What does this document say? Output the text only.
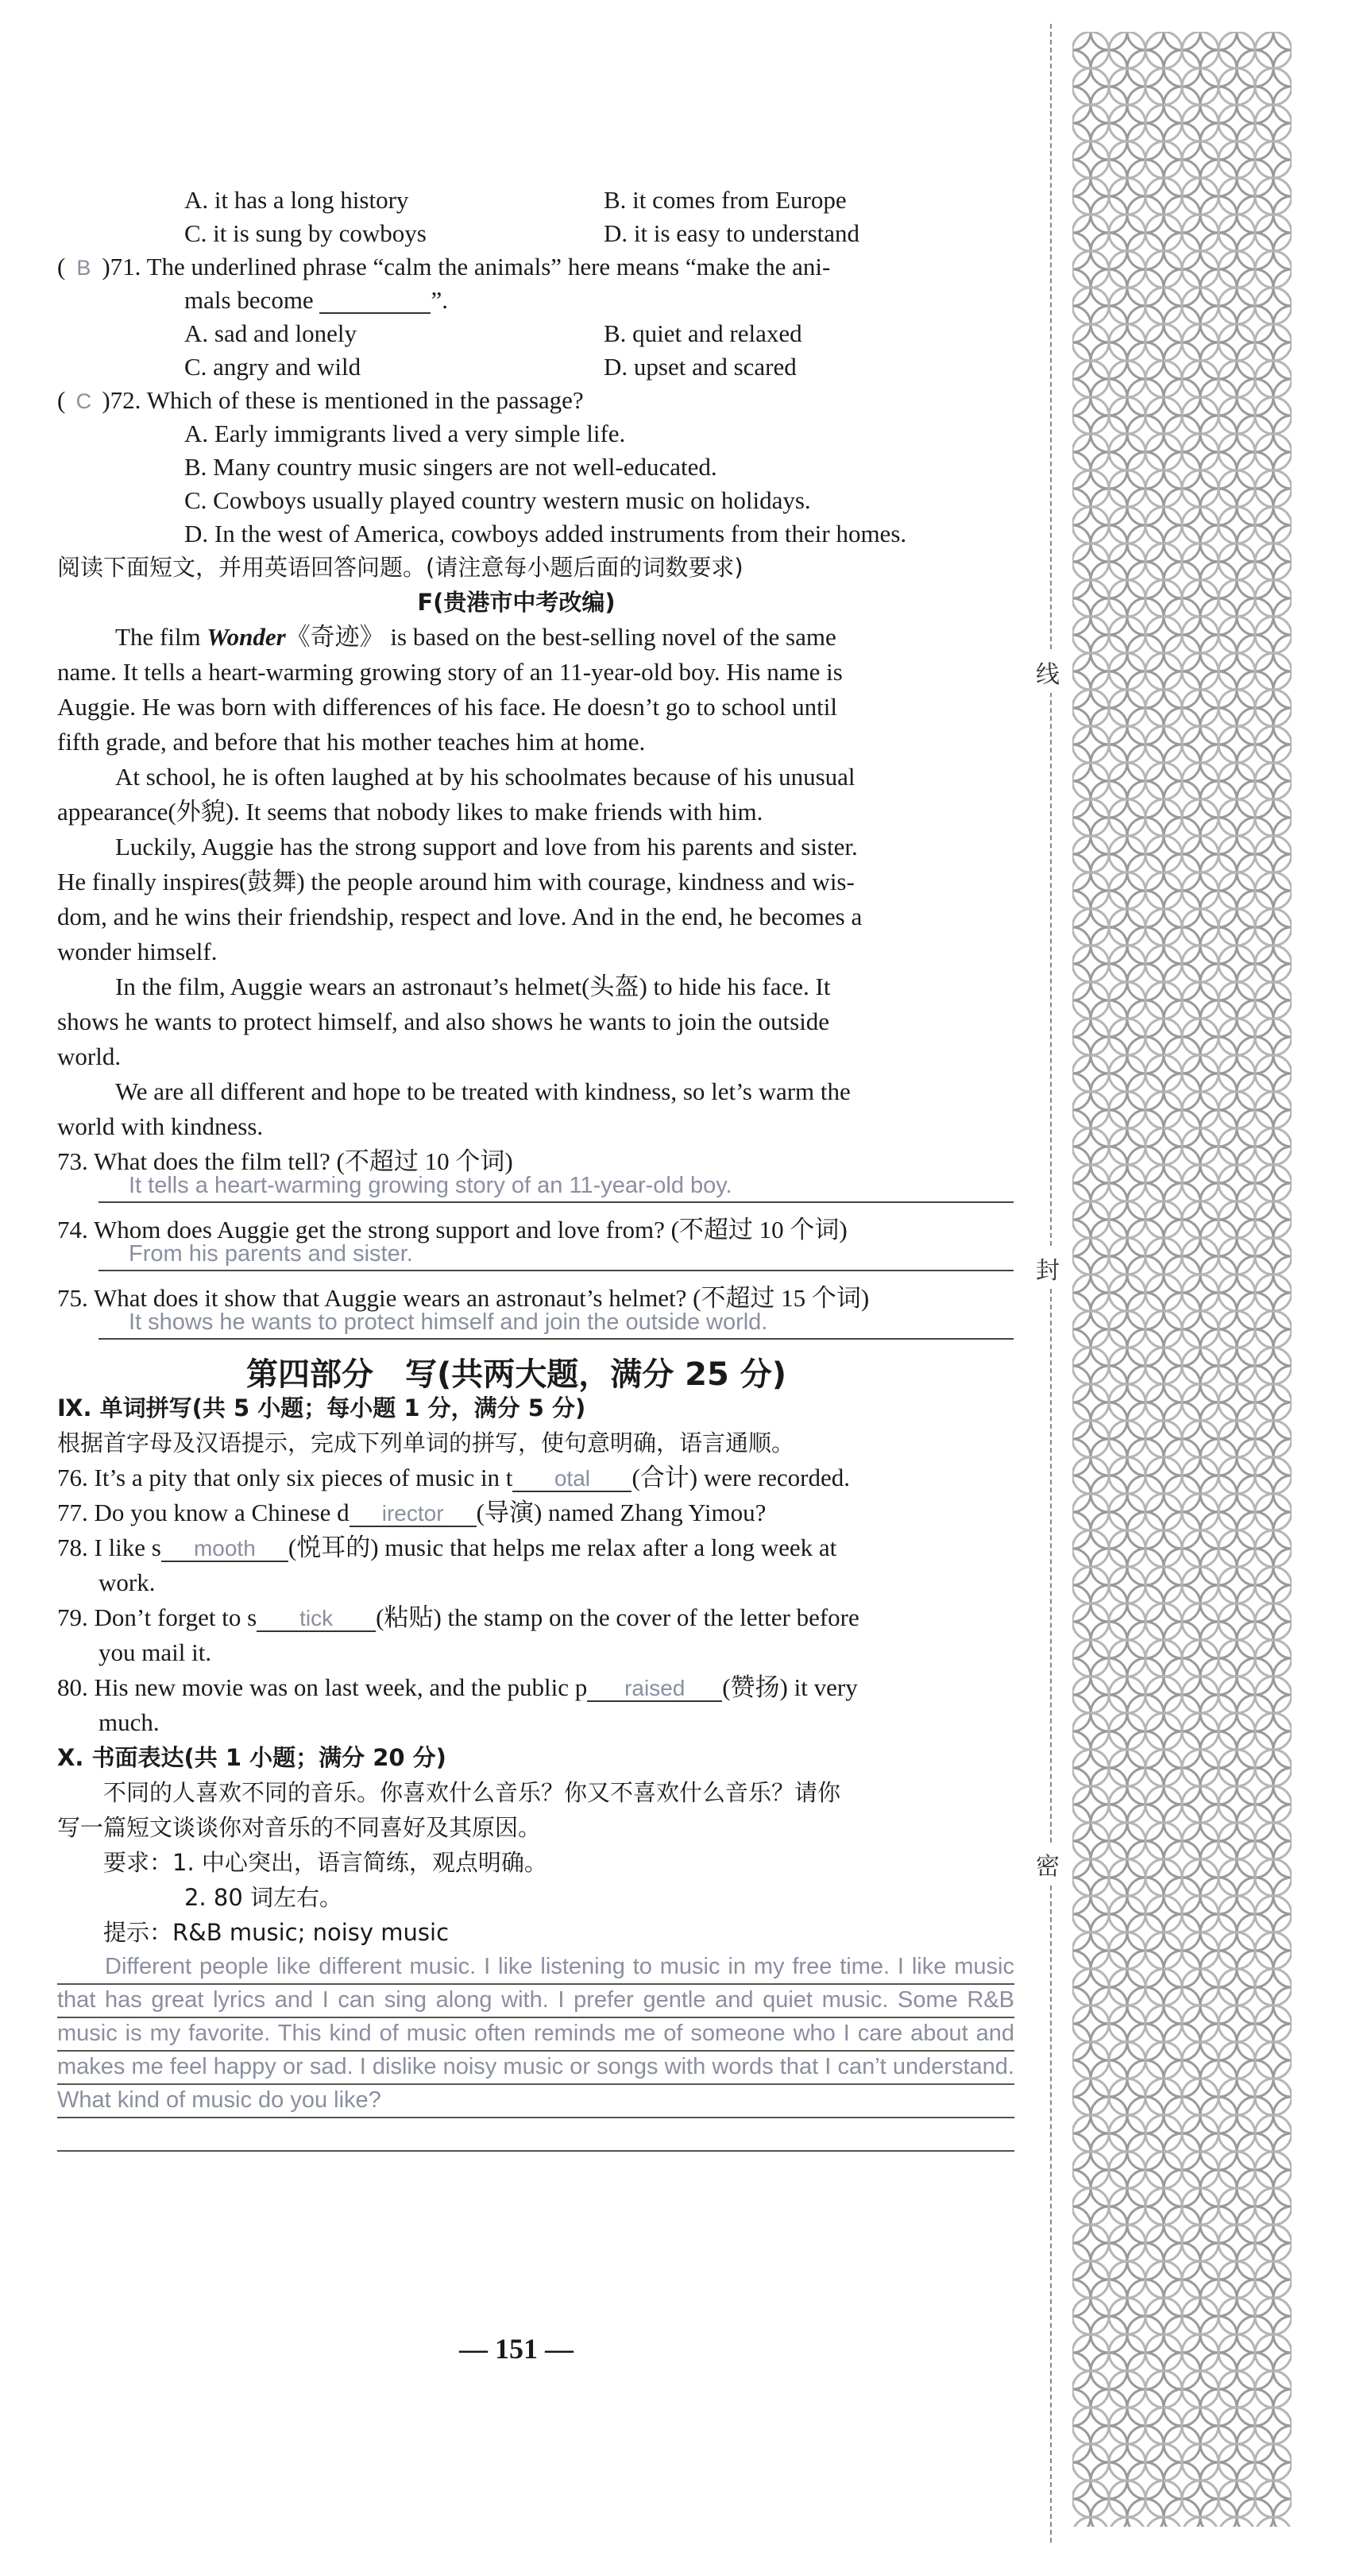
A. it has a long history	B. it comes from Europe
C. it is sung by cowboys	D. it is easy to understand
( B )71. The underlined phrase “calm the animals” here means “make the ani-
mals become	”.
A. sad and lonely	B. quiet and relaxed
C. angry and wild	D. upset and scared
( C )72. Which of these is mentioned in the passage?
A. Early immigrants lived a very simple life.
B. Many country music singers are not well-educated.
C. Cowboys usually played country western music on holidays.
D. In the west of America, cowboys added instruments from their homes.
阅读下面短文，并用英语回答问题。(请注意每小题后面的词数要求)
F(贵港市中考改编)
The film Wonder《奇迹》 is based on the best-selling novel of the same
name. It tells a heart-warming growing story of an 11-year-old boy. His name is
Auggie. He was born with differences of his face. He doesn’t go to school until
fifth grade, and before that his mother teaches him at home.
At school, he is often laughed at by his schoolmates because of his unusual
appearance(外貌). It seems that nobody likes to make friends with him.
Luckily, Auggie has the strong support and love from his parents and sister.
He finally inspires(鼓舞) the people around him with courage, kindness and wis-
dom, and he wins their friendship, respect and love. And in the end, he becomes a
wonder himself.
In the film, Auggie wears an astronaut’s helmet(头盔) to hide his face. It
shows he wants to protect himself, and also shows he wants to join the outside
world.
We are all different and hope to be treated with kindness, so let’s warm the
world with kindness.
73. What does the film tell? (不超过 10 个词)
It tells a heart-warming growing story of an 11-year-old boy.
74. Whom does Auggie get the strong support and love from? (不超过 10 个词)
From his parents and sister.
75. What does it show that Auggie wears an astronaut’s helmet? (不超过 15 个词)
It shows he wants to protect himself and join the outside world.
第四部分　写(共两大题，满分 25 分)
Ⅸ. 单词拼写(共 5 小题；每小题 1 分，满分 5 分)
根据首字母及汉语提示，完成下列单词的拼写，使句意明确，语言通顺。
76. It’s a pity that only six pieces of music in t otal (合计) were recorded.
77. Do you know a Chinese d irector (导演) named Zhang Yimou?
78. I like s mooth (悦耳的) music that helps me relax after a long week at
work.
79. Don’t forget to s tick (粘贴) the stamp on the cover of the letter before
you mail it.
80. His new movie was on last week, and the public p raised (赞扬) it very
much.
Ⅹ. 书面表达(共 1 小题；满分 20 分)
不同的人喜欢不同的音乐。你喜欢什么音乐？你又不喜欢什么音乐？请你
写一篇短文谈谈你对音乐的不同喜好及其原因。
要求：1. 中心突出，语言简练，观点明确。
2. 80 词左右。
提示：R&B music; noisy music
Different people like different music. I like listening to music in my free time. I like music that has great lyrics and I can sing along with. I prefer gentle and quiet music. Some R&B music is my favorite. This kind of music often reminds me of someone who I care about and makes me feel happy or sad. I dislike noisy music or songs with words that I can’t understand. What kind of music do you like?
— 151 —
线
封
密
